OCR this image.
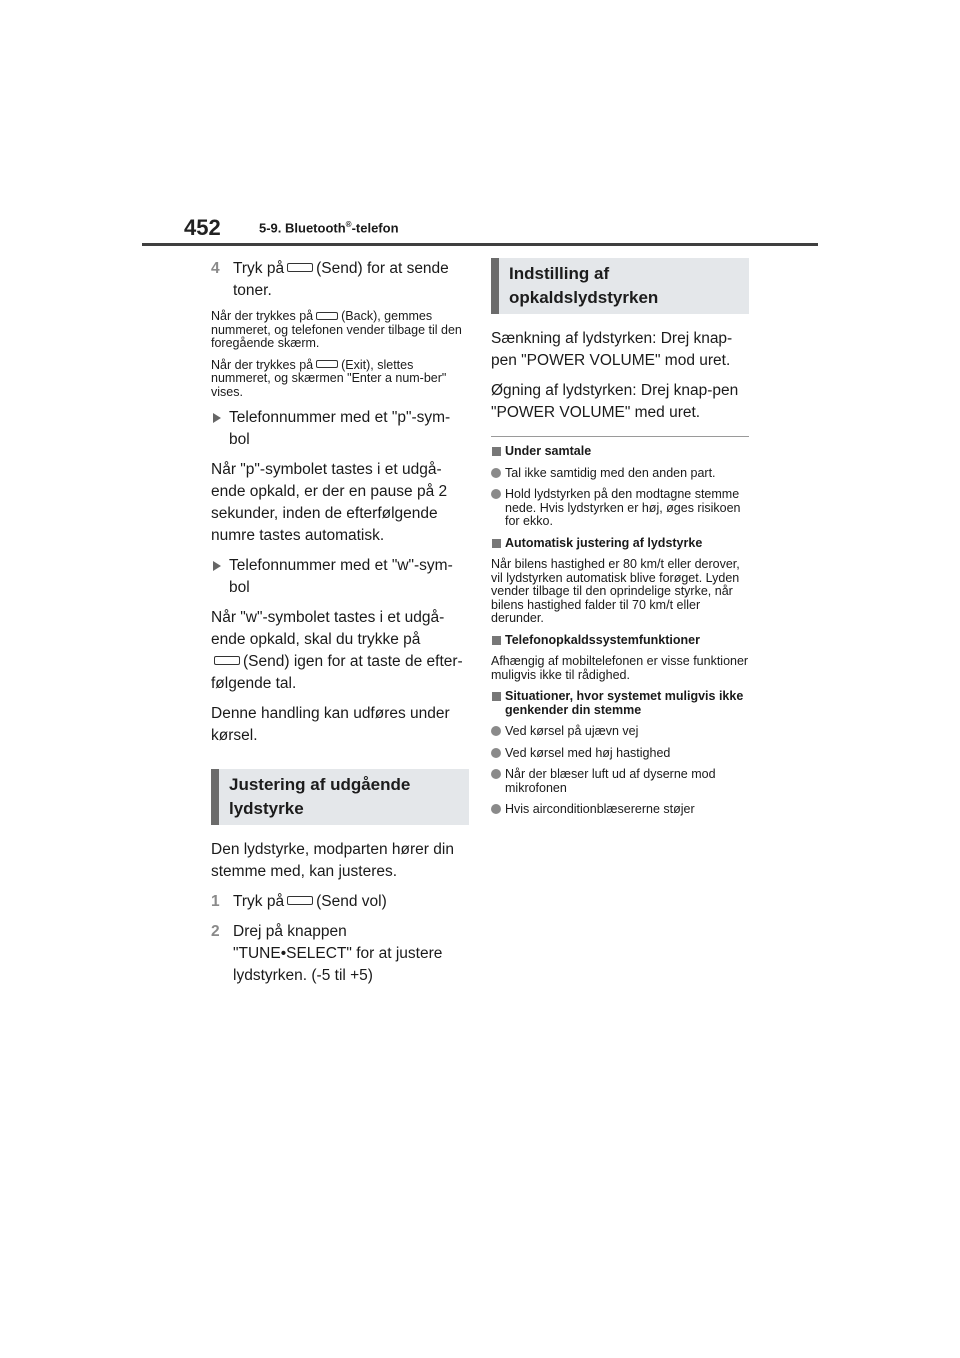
452	5-9. Bluetooth®-telefon
4 Tryk på (Send) for at sende toner.

Når der trykkes på (Back), gemmes nummeret, og telefonen vender tilbage til den foregående skærm.

Når der trykkes på (Exit), slettes nummeret, og skærmen "Enter a num-ber" vises.

Telefonnummer med et "p"-sym-bol

Når "p"-symbolet tastes i et udgå-ende opkald, er der en pause på 2 sekunder, inden de efterfølgende numre tastes automatisk.

Telefonnummer med et "w"-sym-bol

Når "w"-symbolet tastes i et udgå-ende opkald, skal du trykke på
(Send) igen for at taste de efter-følgende tal.

Denne handling kan udføres under kørsel.

Justering af udgående lydstyrke

Den lydstyrke, modparten hører din stemme med, kan justeres.

1 Tryk på (Send vol)
2 Drej på knappen "TUNE•SELECT" for at justere lydstyrken. (-5 til +5)
Indstilling af opkaldslydstyrken

Sænkning af lydstyrken: Drej knap-pen "POWER VOLUME" mod uret.

Øgning af lydstyrken: Drej knap-pen "POWER VOLUME" med uret.

Under samtale
Tal ikke samtidig med den anden part.
Hold lydstyrken på den modtagne stemme nede. Hvis lydstyrken er høj, øges risikoen for ekko.
Automatisk justering af lydstyrke

Når bilens hastighed er 80 km/t eller derover, vil lydstyrken automatisk blive forøget. Lyden vender tilbage til den oprindelige styrke, når bilens hastighed falder til 70 km/t eller derunder.

Telefonopkaldssystemfunktioner

Afhængig af mobiltelefonen er visse funktioner muligvis ikke til rådighed.

Situationer, hvor systemet muligvis ikke genkender din stemme
Ved kørsel på ujævn vej
Ved kørsel med høj hastighed
Når der blæser luft ud af dyserne mod mikrofonen
Hvis airconditionblæsererne støjer
